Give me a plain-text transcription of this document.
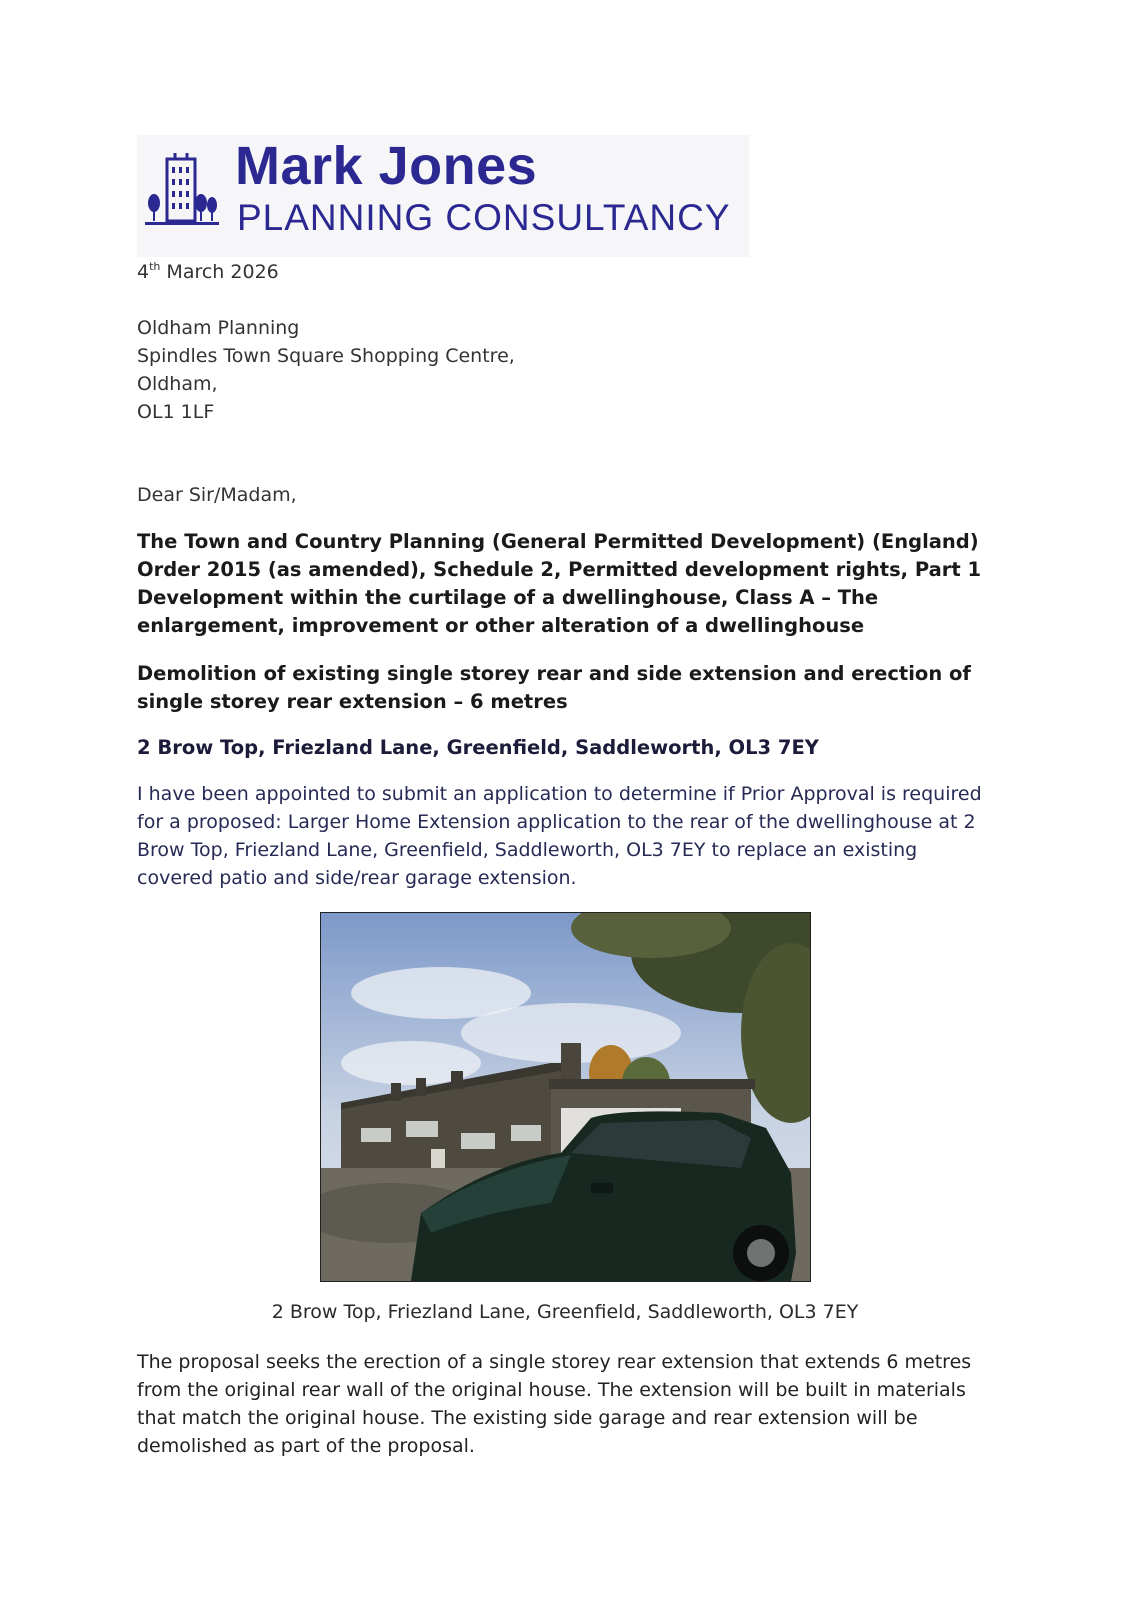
Mark Jones
PLANNING CONSULTANCY
4th March 2026
Oldham Planning
Spindles Town Square Shopping Centre,
Oldham,
OL1 1LF
Dear Sir/Madam,
The Town and Country Planning (General Permitted Development) (England) Order 2015 (as amended), Schedule 2, Permitted development rights, Part 1 Development within the curtilage of a dwellinghouse, Class A – The enlargement, improvement or other alteration of a dwellinghouse
Demolition of existing single storey rear and side extension and erection of single storey rear extension – 6 metres
2 Brow Top, Friezland Lane, Greenfield, Saddleworth, OL3 7EY
I have been appointed to submit an application to determine if Prior Approval is required for a proposed: Larger Home Extension application to the rear of the dwellinghouse at 2 Brow Top, Friezland Lane, Greenfield, Saddleworth, OL3 7EY to replace an existing covered patio and side/rear garage extension.
2 Brow Top, Friezland Lane, Greenfield, Saddleworth, OL3 7EY
The proposal seeks the erection of a single storey rear extension that extends 6 metres from the original rear wall of the original house. The extension will be built in materials that match the original house. The existing side garage and rear extension will be demolished as part of the proposal.
